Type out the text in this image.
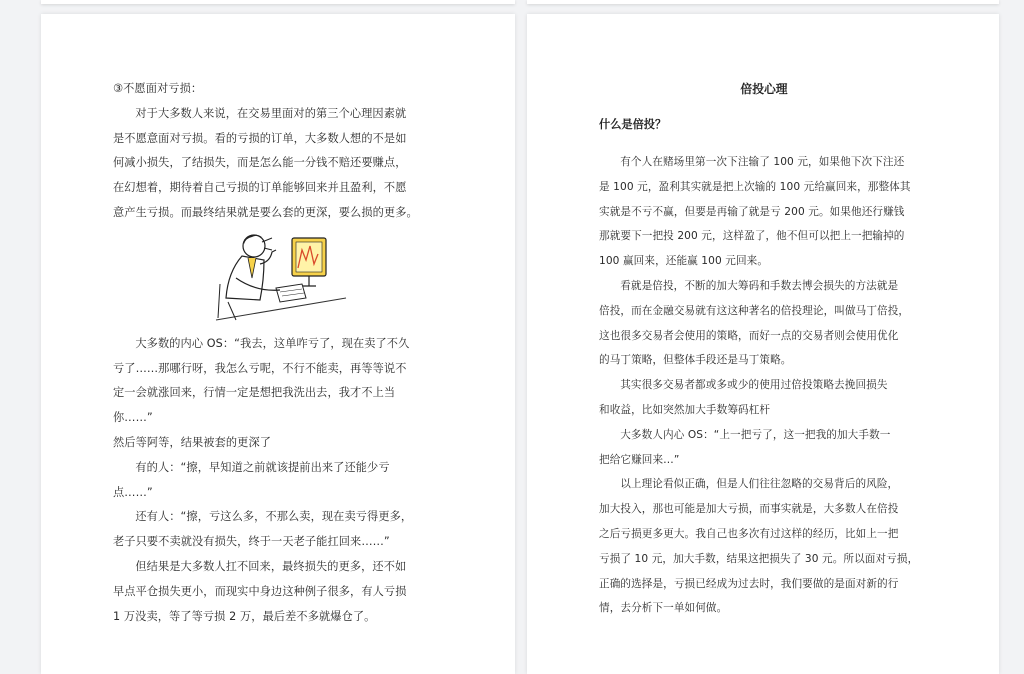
③不愿面对亏损：
对于大多数人来说，在交易里面对的第三个心理因素就
是不愿意面对亏损。看的亏损的订单，大多数人想的不是如
何减小损失，了结损失，而是怎么能一分钱不赔还要赚点，
在幻想着，期待着自己亏损的订单能够回来并且盈利，不愿
意产生亏损。而最终结果就是要么套的更深，要么损的更多。
大多数的内心 OS：“我去，这单咋亏了，现在卖了不久
亏了……那哪行呀，我怎么亏呢，不行不能卖，再等等说不
定一会就涨回来，行情一定是想把我洗出去，我才不上当
你……”
然后等阿等，结果被套的更深了
有的人：“擦，早知道之前就该提前出来了还能少亏
点……”
还有人：“擦，亏这么多，不那么卖，现在卖亏得更多，
老子只要不卖就没有损失，终于一天老子能扛回来……”
但结果是大多数人扛不回来，最终损失的更多，还不如
早点平仓损失更小，而现实中身边这种例子很多，有人亏损
1 万没卖，等了等亏损 2 万，最后差不多就爆仓了。
倍投心理
什么是倍投？
有个人在赌场里第一次下注输了 100 元，如果他下次下注还
是 100 元，盈利其实就是把上次输的 100 元给赢回来，那整体其
实就是不亏不赢，但要是再输了就是亏 200 元。如果他还行赚钱
那就要下一把投 200 元，这样盈了，他不但可以把上一把输掉的
100 赢回来，还能赢 100 元回来。
看就是倍投，不断的加大筹码和手数去博会损失的方法就是
倍投，而在金融交易就有这这种著名的倍投理论，叫做马丁倍投，
这也很多交易者会使用的策略，而好一点的交易者则会使用优化
的马丁策略，但整体手段还是马丁策略。
其实很多交易者都或多或少的使用过倍投策略去挽回损失
和收益，比如突然加大手数筹码杠杆
大多数人内心 OS：“上一把亏了，这一把我的加大手数一
把给它赚回来…”
以上理论看似正确，但是人们往往忽略的交易背后的风险，
加大投入，那也可能是加大亏损，而事实就是，大多数人在倍投
之后亏损更多更大。我自己也多次有过这样的经历，比如上一把
亏损了 10 元，加大手数，结果这把损失了 30 元。所以面对亏损，
正确的选择是，亏损已经成为过去时，我们要做的是面对新的行
情，去分析下一单如何做。
